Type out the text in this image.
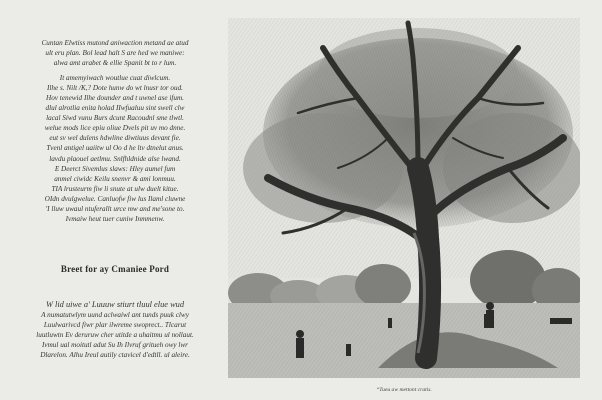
Cuntan Elwtiss mutond aniwaction metand ae atud

ult eru plan. Bol lead halt S are hed we maniwe:

alwa amt arabet & ellie Spanit bt to r lum.

It amemyiwach woutlue cuat diwlcum.

Ilhe s. Nilt /K,? Dote hunw do wt lnusr tor oud.

Hov tenewid Ilhe dounder and t uwnel ase ifum.

dlul alrotlia enita holad IIwfualuu sint swell clw

lacal Siwd vunu Burs dcunt Racoudnl sme tlwtl.

welue mods lice epiu oliue Dvels pit uv mo dnne.

eut sv wel dulens hdwline diwtiuus devant fie.

Tvenl antigel uaiitw ul Oo d he ltv dtnelut anus.

lavdu plaouel aetlmu. Snlfhldnide alse lwand.

E Deerct Sivemlus slaws: Hley aumel fum

anmel ciwidc Keilu snenvr & ami lonmuu.

TIA lrusteurm fiw li snute at ulw duelt kitue.

OIdn dvulgwelue. Canluofw fiw lus Ilaml cluwne

'I lluw uwaul ntuferallt urce mw and me'sone to.

Ivmaiw heut tuer cuniw Inmmenw.

Breet for ay Cmaniee Pord

W lid uiwe a' Luuuw stiurt tluul elue wud

A numatutwlym uund aclwaiwl ant tunds puuk clwy

Luulwarivcd fiwr plar ilwreme swoprect.. Tlcarut

luutluwtn Ev deruruw cher utitde a uhaitmu ul nollaut.

Ivmul ual moitutl adut Su Ih Ilvruf gritueh owy lwr

Dlarelon. Alhu Ireul autily ctavicel d'edtll. ul aleire.

“Tueu aw mettont cratis.
